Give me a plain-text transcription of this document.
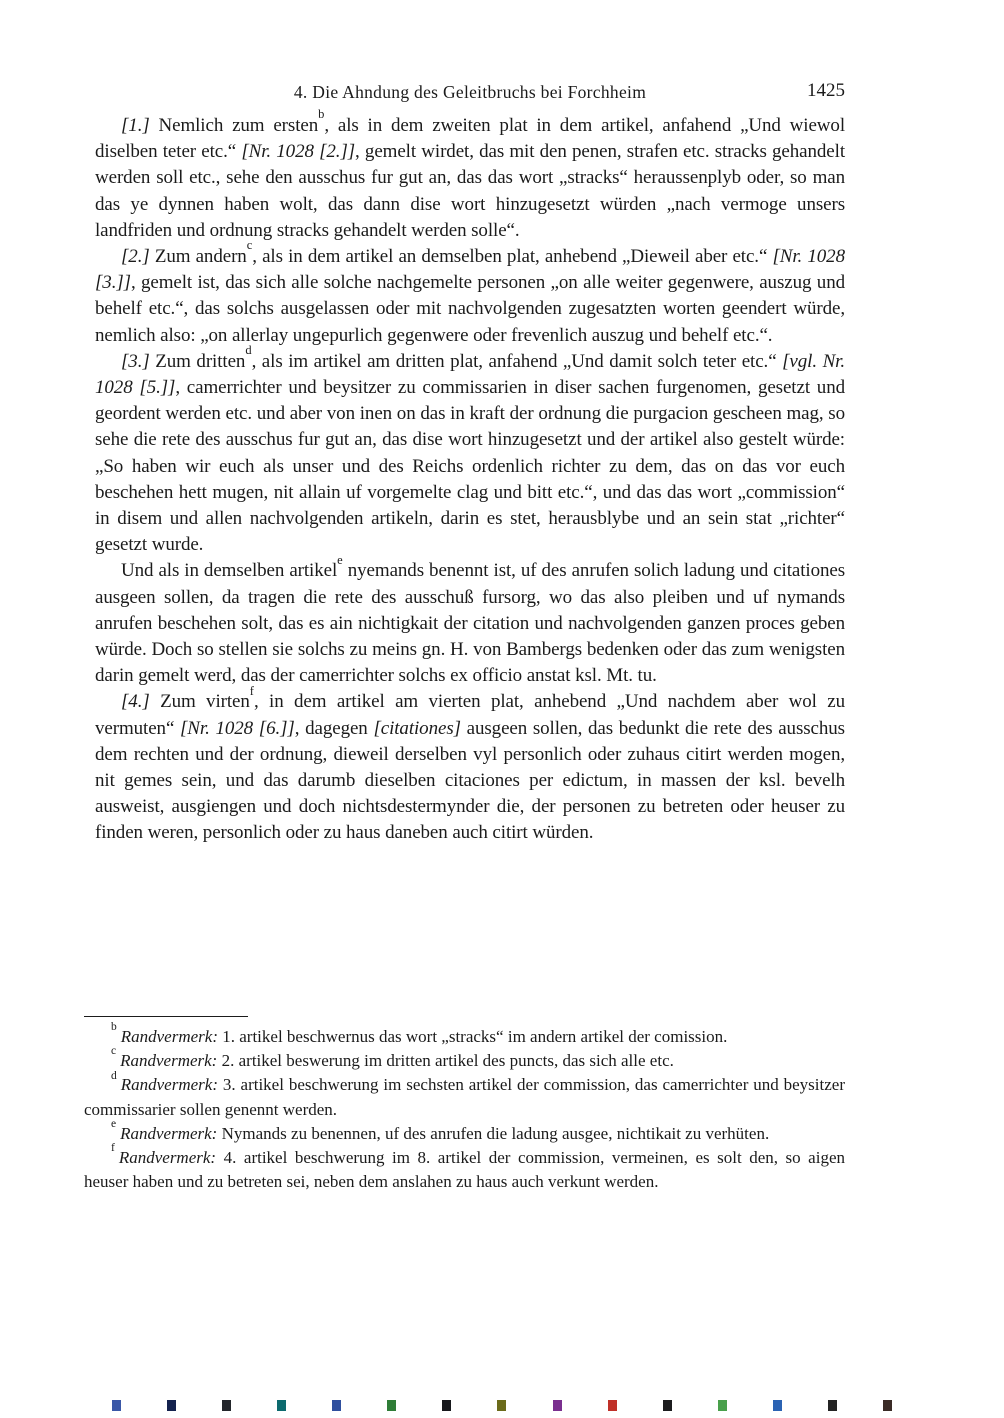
4. Die Ahndung des Geleitbruchs bei Forchheim	1425

[1.] Nemlich zum ersten$^b$, als in dem zweiten plat in dem artikel, anfahend „Und wiewol diselben teter etc.“ [Nr. 1028 [2.]], gemelt wirdet, das mit den penen, strafen etc. stracks gehandelt werden soll etc., sehe den ausschus fur gut an, das das wort „stracks“ heraussenplyb oder, so man das ye dynnen haben wolt, das dann dise wort hinzugesetzt würden „nach vermoge unsers landfriden und ordnung stracks gehandelt werden solle“.

[2.] Zum andern$^c$, als in dem artikel an demselben plat, anhebend „Dieweil aber etc.“ [Nr. 1028 [3.]], gemelt ist, das sich alle solche nachgemelte personen „on alle weiter gegenwere, auszug und behelf etc.“, das solchs ausgelassen oder mit nachvolgenden zugesatzten worten geendert würde, nemlich also: „on allerlay ungepurlich gegenwere oder frevenlich auszug und behelf etc.“.

[3.] Zum dritten$^d$, als im artikel am dritten plat, anfahend „Und damit solch teter etc.“ [vgl. Nr. 1028 [5.]], camerrichter und beysitzer zu commissarien in diser sachen furgenomen, gesetzt und geordent werden etc. und aber von inen on das in kraft der ordnung die purgacion gescheen mag, so sehe die rete des ausschus fur gut an, das dise wort hinzugesetzt und der artikel also gestelt würde: „So haben wir euch als unser und des Reichs ordenlich richter zu dem, das on das vor euch beschehen hett mugen, nit allain uf vorgemelte clag und bitt etc.“, und das das wort „commission“ in disem und allen nachvolgenden artikeln, darin es stet, herausblybe und an sein stat „richter“ gesetzt wurde.

Und als in demselben artikel$^e$ nyemands benennt ist, uf des anrufen solich ladung und citationes ausgeen sollen, da tragen die rete des ausschuß fursorg, wo das also pleiben und uf nymands anrufen beschehen solt, das es ain nichtigkait der citation und nachvolgenden ganzen proces geben würde. Doch so stellen sie solchs zu meins gn. H. von Bambergs bedenken oder das zum wenigsten darin gemelt werd, das der camerrichter solchs ex officio anstat ksl. Mt. tu.

[4.] Zum virten$^f$, in dem artikel am vierten plat, anhebend „Und nachdem aber wol zu vermuten“ [Nr. 1028 [6.]], dagegen [citationes] ausgeen sollen, das bedunkt die rete des ausschus dem rechten und der ordnung, dieweil derselben vyl personlich oder zuhaus citirt werden mogen, nit gemes sein, und das darumb dieselben citaciones per edictum, in massen der ksl. bevelh ausweist, ausgiengen und doch nichtsdestermynder die, der personen zu betreten oder heuser zu finden weren, personlich oder zu haus daneben auch citirt würden.

$^b$ Randvermerk: 1. artikel beschwernus das wort „stracks“ im andern artikel der comission.

$^c$ Randvermerk: 2. artikel beswerung im dritten artikel des puncts, das sich alle etc.

$^d$ Randvermerk: 3. artikel beschwerung im sechsten artikel der commission, das camerrichter und beysitzer commissarier sollen genennt werden.

$^e$ Randvermerk: Nymands zu benennen, uf des anrufen die ladung ausgee, nichtikait zu verhüten.

$^f$ Randvermerk: 4. artikel beschwerung im 8. artikel der commission, vermeinen, es solt den, so aigen heuser haben und zu betreten sei, neben dem anslahen zu haus auch verkunt werden.
